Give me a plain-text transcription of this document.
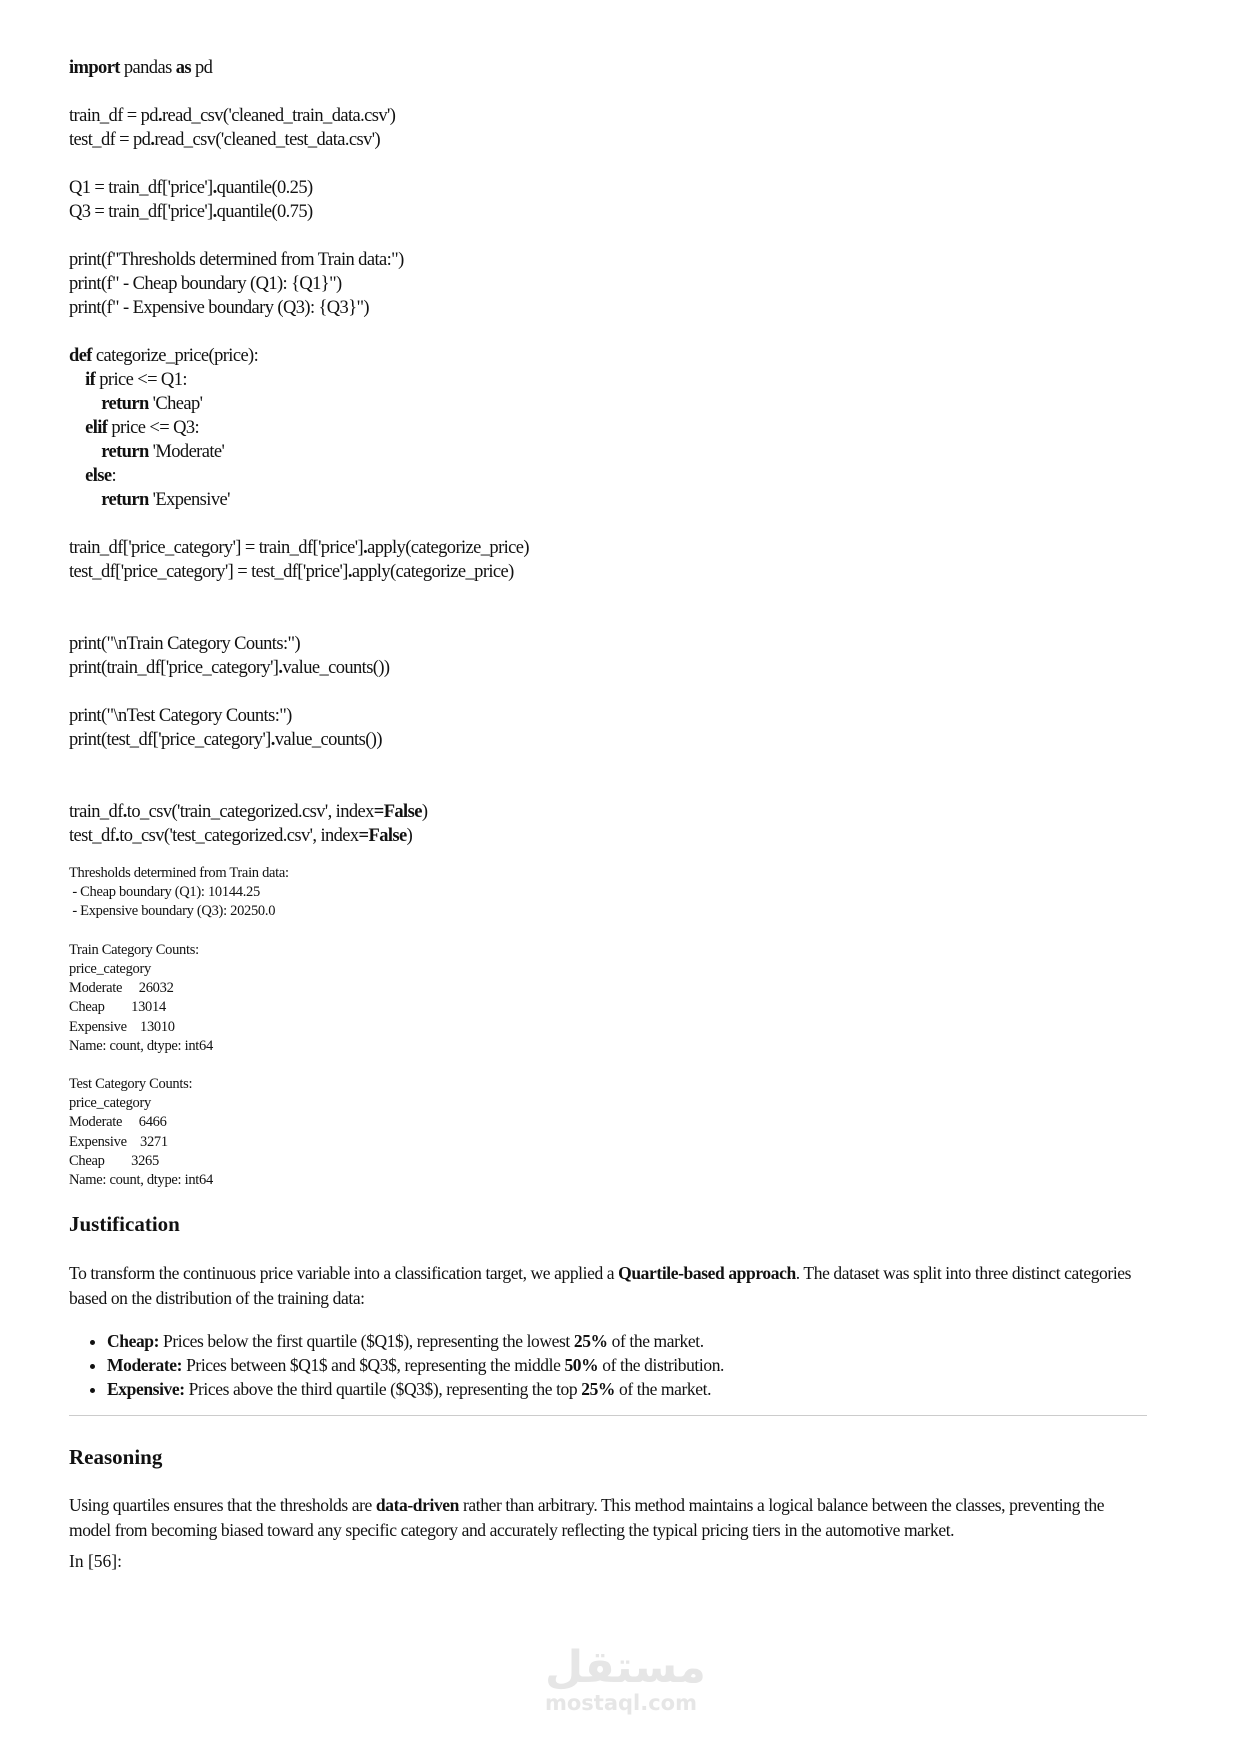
import pandas as pd
train_df = pd.read_csv('cleaned_train_data.csv')
test_df = pd.read_csv('cleaned_test_data.csv')
Q1 = train_df['price'].quantile(0.25)
Q3 = train_df['price'].quantile(0.75)
print(f"Thresholds determined from Train data:")
print(f" - Cheap boundary (Q1): {Q1}")
print(f" - Expensive boundary (Q3): {Q3}")
def categorize_price(price):
if price <= Q1:
return 'Cheap'
elif price <= Q3:
return 'Moderate'
else:
return 'Expensive'
train_df['price_category'] = train_df['price'].apply(categorize_price)
test_df['price_category'] = test_df['price'].apply(categorize_price)
print("\nTrain Category Counts:")
print(train_df['price_category'].value_counts())
print("\nTest Category Counts:")
print(test_df['price_category'].value_counts())
train_df.to_csv('train_categorized.csv', index=False)
test_df.to_csv('test_categorized.csv', index=False)
Thresholds determined from Train data:
- Cheap boundary (Q1): 10144.25
- Expensive boundary (Q3): 20250.0
Train Category Counts:
price_category
Moderate     26032
Cheap        13014
Expensive    13010
Name: count, dtype: int64
Test Category Counts:
price_category
Moderate     6466
Expensive    3271
Cheap        3265
Name: count, dtype: int64
Justification

To transform the continuous price variable into a classification target, we applied a Quartile-based approach. The dataset was split into three distinct categories based on the distribution of the training data:

• Cheap: Prices below the first quartile ($Q1$), representing the lowest 25% of the market.
• Moderate: Prices between $Q1$ and $Q3$, representing the middle 50% of the distribution.
• Expensive: Prices above the third quartile ($Q3$), representing the top 25% of the market.
Reasoning

Using quartiles ensures that the thresholds are data-driven rather than arbitrary. This method maintains a logical balance between the classes, preventing the model from becoming biased toward any specific category and accurately reflecting the typical pricing tiers in the automotive market.

In [56]:
مستقل
mostaql.com
